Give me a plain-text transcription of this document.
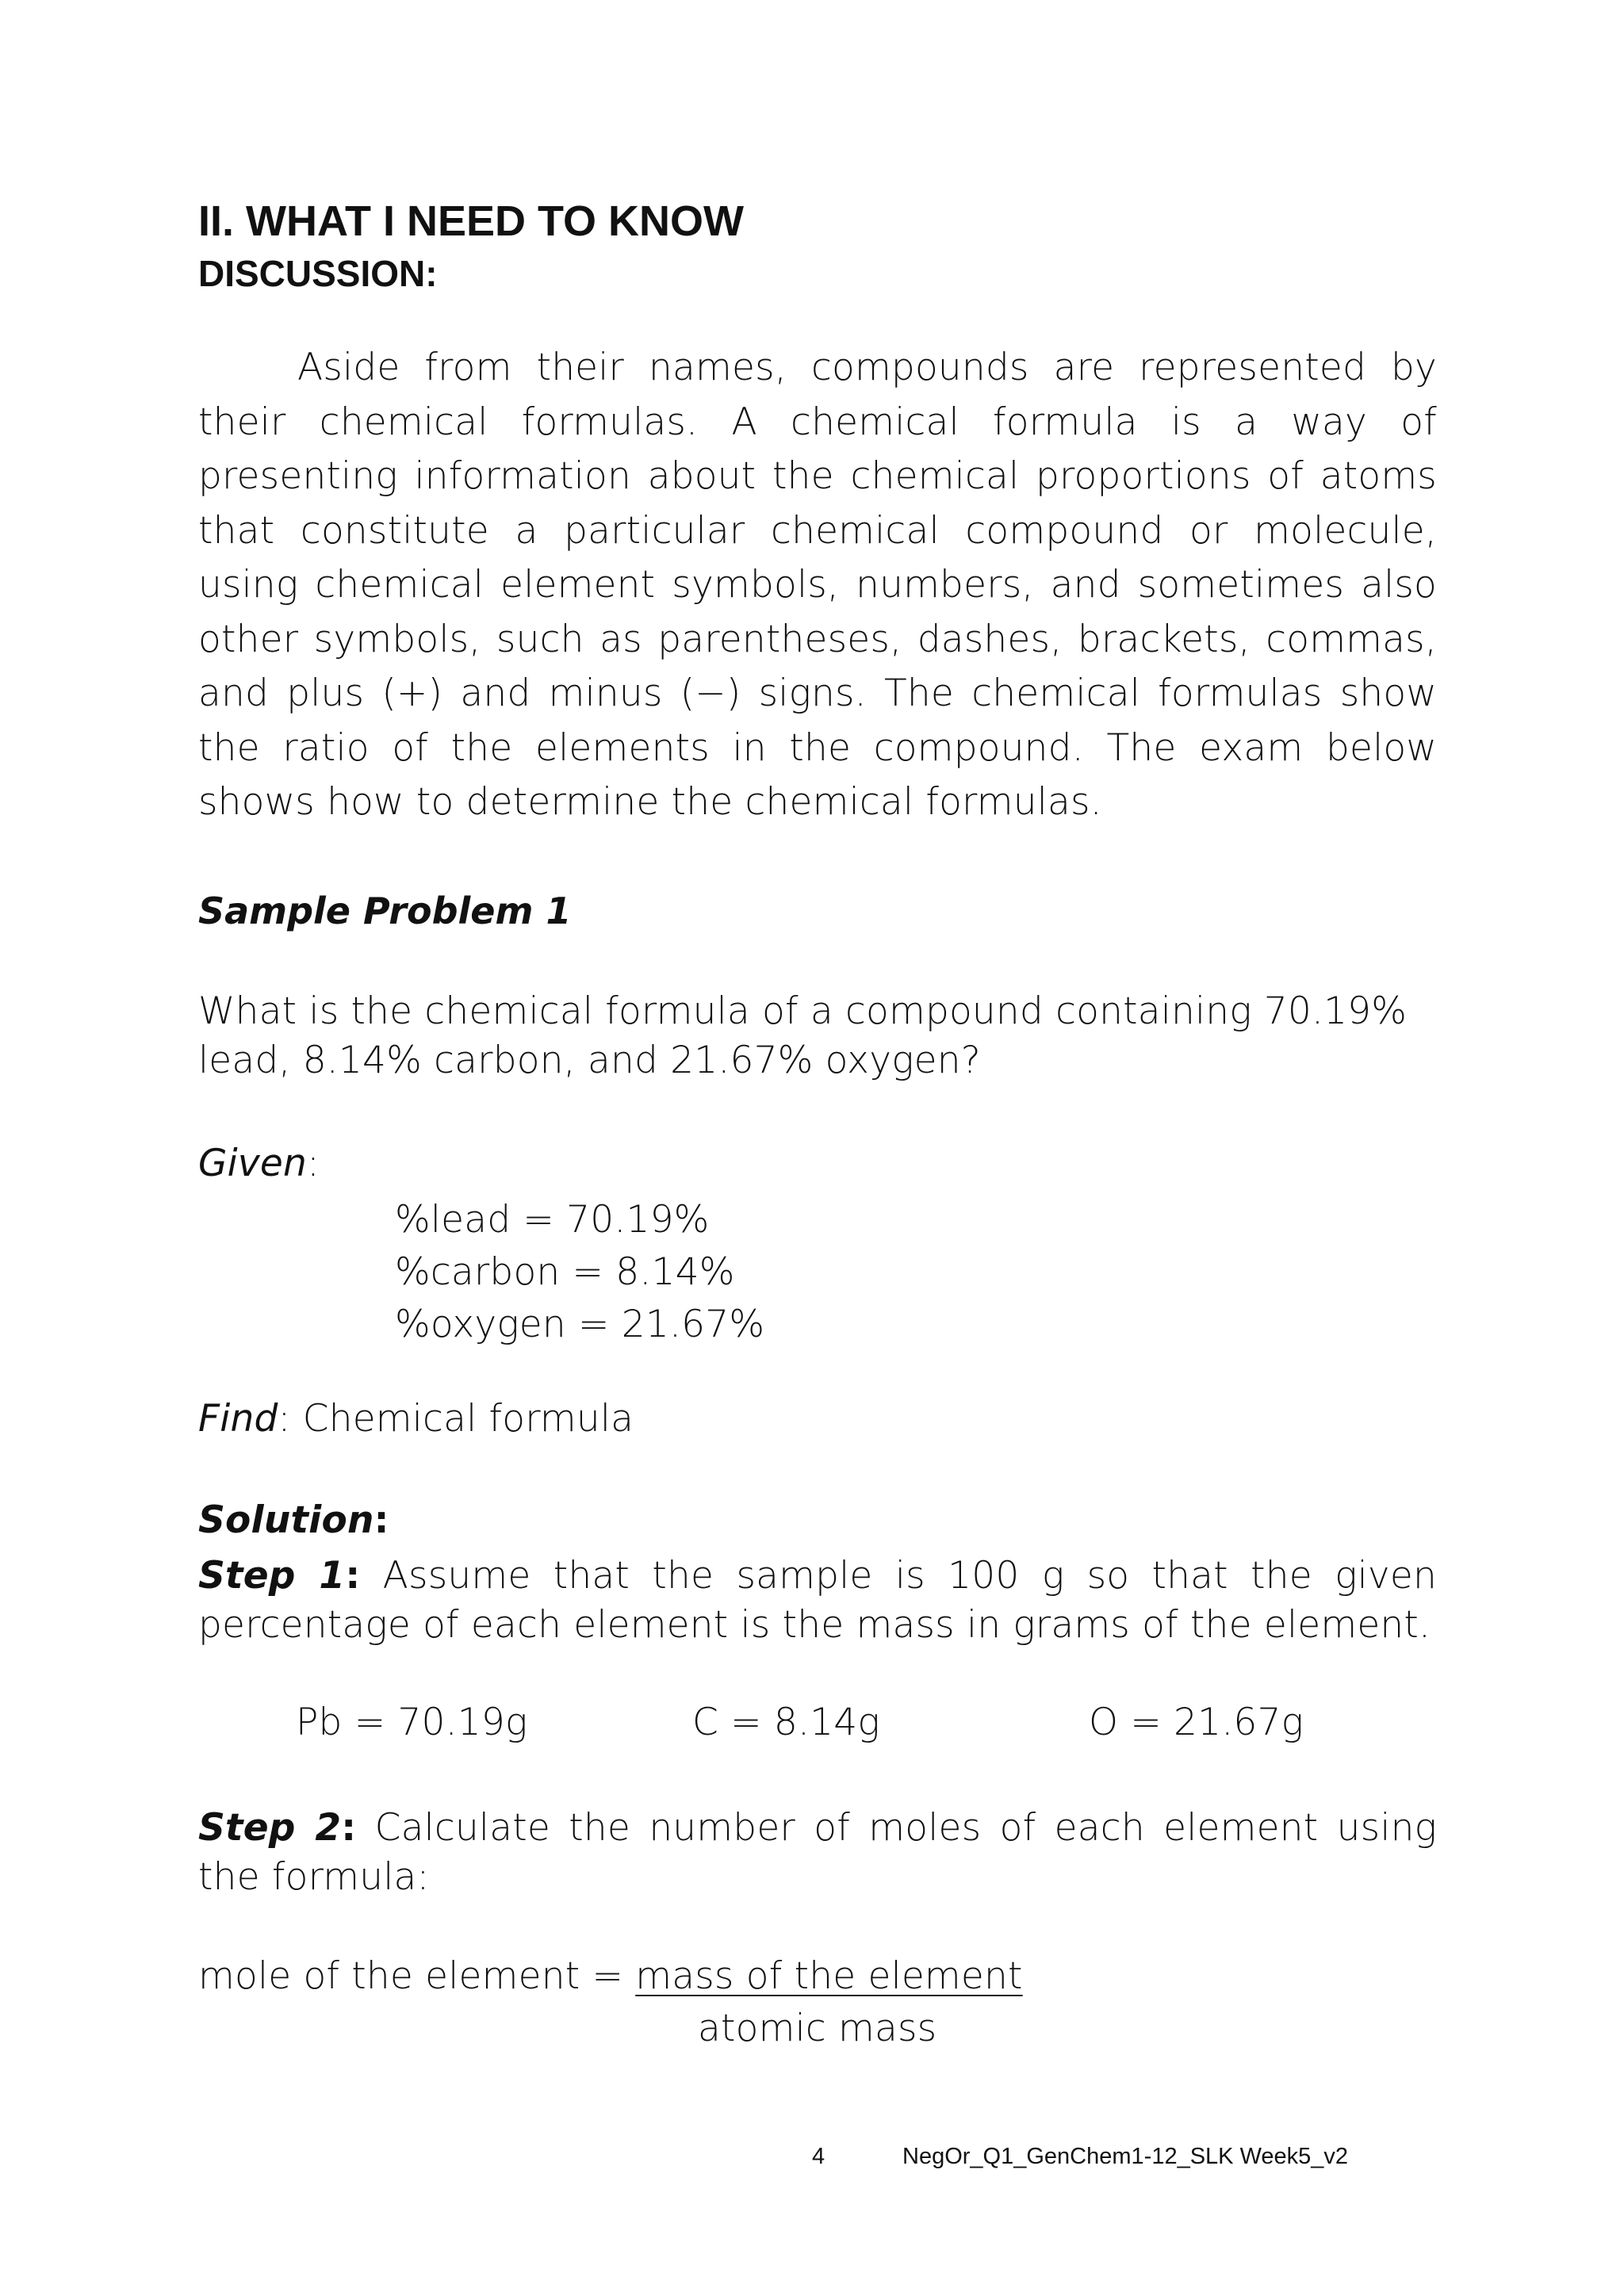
II. WHAT I NEED TO KNOW
DISCUSSION:

Aside from their names, compounds are represented by their chemical formulas. A chemical formula is a way of presenting information about the chemical proportions of atoms that constitute a particular chemical compound or molecule, using chemical element symbols, numbers, and sometimes also other symbols, such as parentheses, dashes, brackets, commas, and plus (+) and minus (−) signs. The chemical formulas show the ratio of the elements in the compound. The exam below shows how to determine the chemical formulas.

Sample Problem 1

What is the chemical formula of a compound containing 70.19% lead, 8.14% carbon, and 21.67% oxygen?

Given:

%lead = 70.19%
%carbon = 8.14%
%oxygen = 21.67%

Find: Chemical formula

Solution:

Step 1: Assume that the sample is 100 g so that the given percentage of each element is the mass in grams of the element.

Pb = 70.19g	C = 8.14g	O = 21.67g

Step 2: Calculate the number of moles of each element using the formula:

mole of the element = mass of the element

atomic mass

4	NegOr_Q1_GenChem1-12_SLK Week5_v2
